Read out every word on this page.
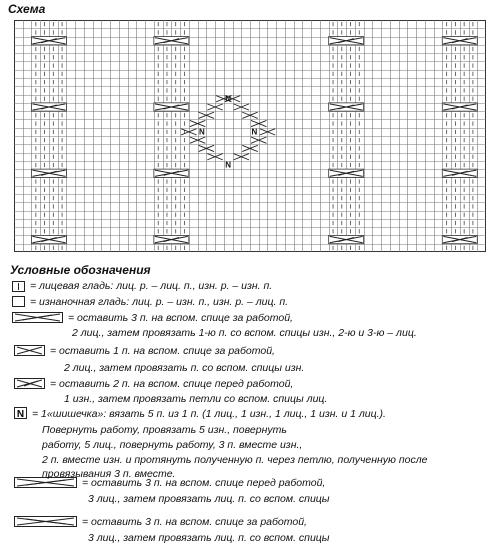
Схема
N
N	N
N
Условные обозначения
N
= лицевая гладь: лиц. р. – лиц. п., изн. р. – изн. п.
= изнаночная гладь: лиц. р. – изн. п., изн. р. – лиц. п.
= оставить 3 п. на вспом. спице за работой,
2 лиц., затем провязать 1-ю п. со вспом. спицы изн., 2-ю и 3-ю – лиц.
= оставить 1 п. на вспом. спице за работой,
2 лиц., затем провязать п. со вспом. спицы изн.
= оставить 2 п. на вспом. спице перед работой,
1 изн., затем провязать петли со вспом. спицы лиц.
= 1«шишечка»: вязать 5 п. из 1 п. (1 лиц., 1 изн., 1 лиц., 1 изн. и 1 лиц.).
Повернуть работу, провязать 5 изн., повернуть
работу, 5 лиц., повернуть работу, 3 п. вместе изн.,
2 п. вместе изн. и протянуть полученную п. через петлю, полученную после
провязывания 3 п. вместе.
= оставить 3 п. на вспом. спице перед работой,
3 лиц., затем провязать лиц. п. со вспом. спицы
= оставить 3 п. на вспом. спице за работой,
3 лиц., затем провязать лиц. п. со вспом. спицы
